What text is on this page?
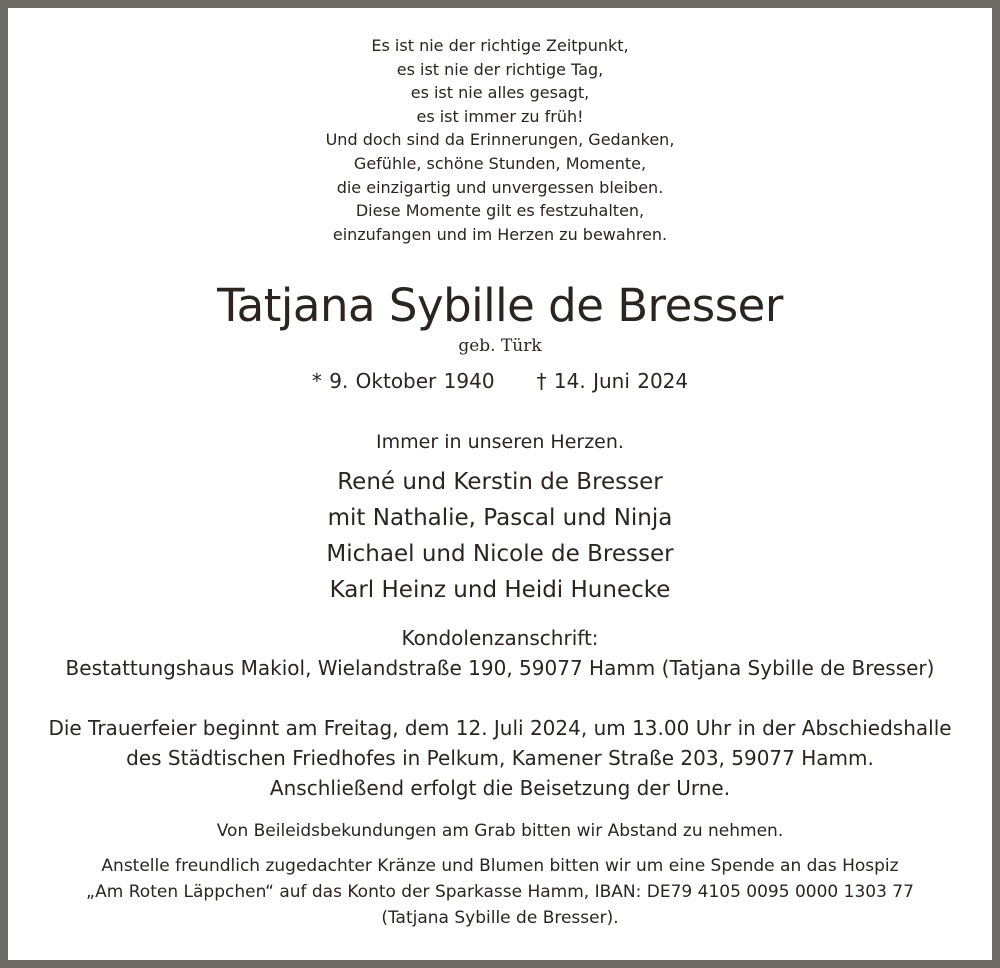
Es ist nie der richtige Zeitpunkt,
es ist nie der richtige Tag,
es ist nie alles gesagt,
es ist immer zu früh!
Und doch sind da Erinnerungen, Gedanken,
Gefühle, schöne Stunden, Momente,
die einzigartig und unvergessen bleiben.
Diese Momente gilt es festzuhalten,
einzufangen und im Herzen zu bewahren.
Tatjana Sybille de Bresser
geb. Türk
* 9. Oktober 1940 † 14. Juni 2024
Immer in unseren Herzen.
René und Kerstin de Bresser
mit Nathalie, Pascal und Ninja
Michael und Nicole de Bresser
Karl Heinz und Heidi Hunecke
Kondolenzanschrift:
Bestattungshaus Makiol, Wielandstraße 190, 59077 Hamm (Tatjana Sybille de Bresser)
Die Trauerfeier beginnt am Freitag, dem 12. Juli 2024, um 13.00 Uhr in der Abschiedshalle
des Städtischen Friedhofes in Pelkum, Kamener Straße 203, 59077 Hamm.
Anschließend erfolgt die Beisetzung der Urne.
Von Beileidsbekundungen am Grab bitten wir Abstand zu nehmen.
Anstelle freundlich zugedachter Kränze und Blumen bitten wir um eine Spende an das Hospiz
„Am Roten Läppchen“ auf das Konto der Sparkasse Hamm, IBAN: DE79 4105 0095 0000 1303 77
(Tatjana Sybille de Bresser).
